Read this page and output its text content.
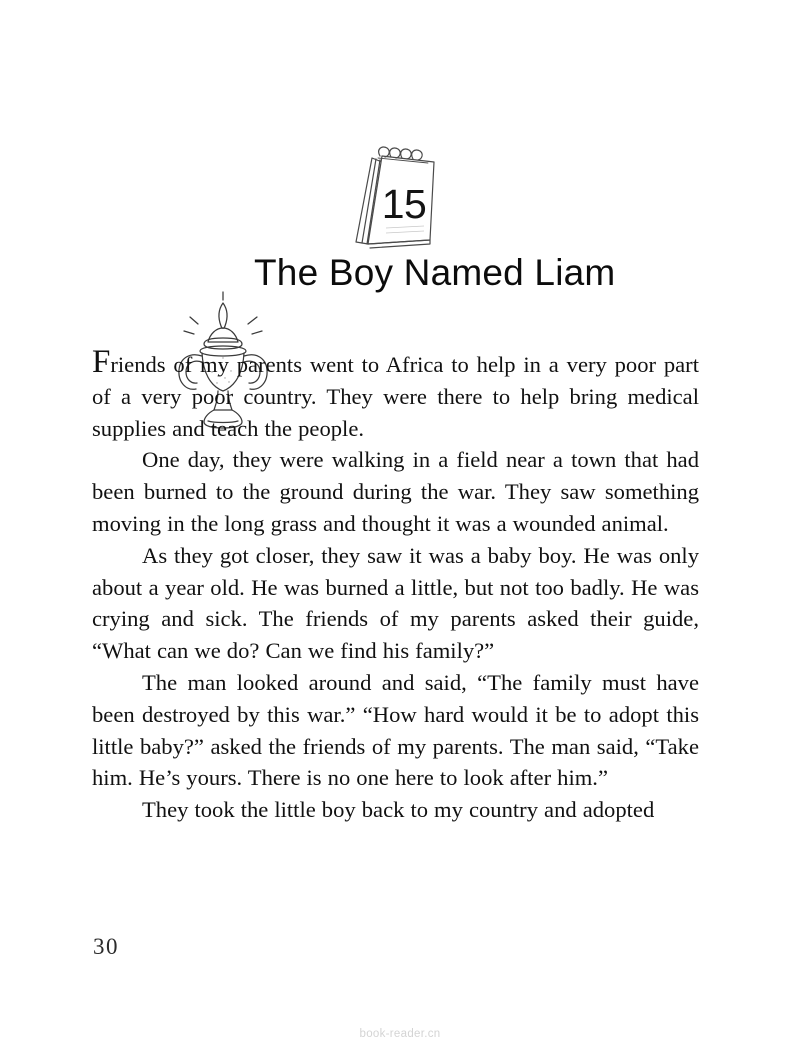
15
The Boy Named Liam

Friends of my parents went to Africa to help in a very poor part of a very poor country. They were there to help bring medical supplies and teach the people.

One day, they were walking in a field near a town that had been burned to the ground during the war. They saw something moving in the long grass and thought it was a wounded animal.

As they got closer, they saw it was a baby boy. He was only about a year old. He was burned a little, but not too badly. He was crying and sick. The friends of my parents asked their guide, “What can we do? Can we find his family?”

The man looked around and said, “The family must have been destroyed by this war.” “How hard would it be to adopt this little baby?” asked the friends of my parents. The man said, “Take him. He’s yours. There is no one here to look after him.”

They took the little boy back to my country and adopted

30
book-reader.cn
